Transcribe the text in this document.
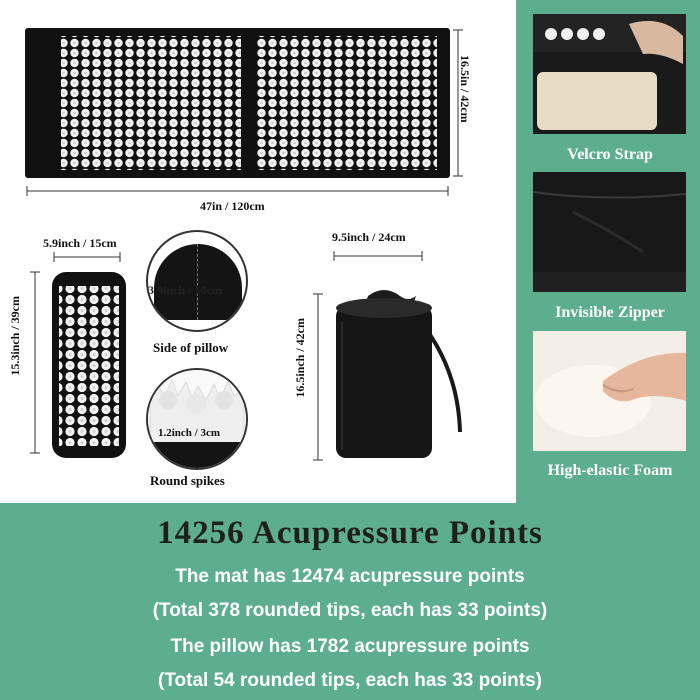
16.5in / 42cm
47in / 120cm
5.9inch / 15cm
15.3inch / 39cm
3.9inch / 10cm
Side of pillow
1.2inch / 3cm
Round spikes
9.5inch / 24cm
16.5inch / 42cm
Velcro Strap
Invisible Zipper
High-elastic Foam
14256 Acupressure Points
The mat has 12474 acupressure points
(Total 378 rounded tips, each has 33 points)
The pillow has 1782 acupressure points
(Total 54 rounded tips, each has 33 points)
